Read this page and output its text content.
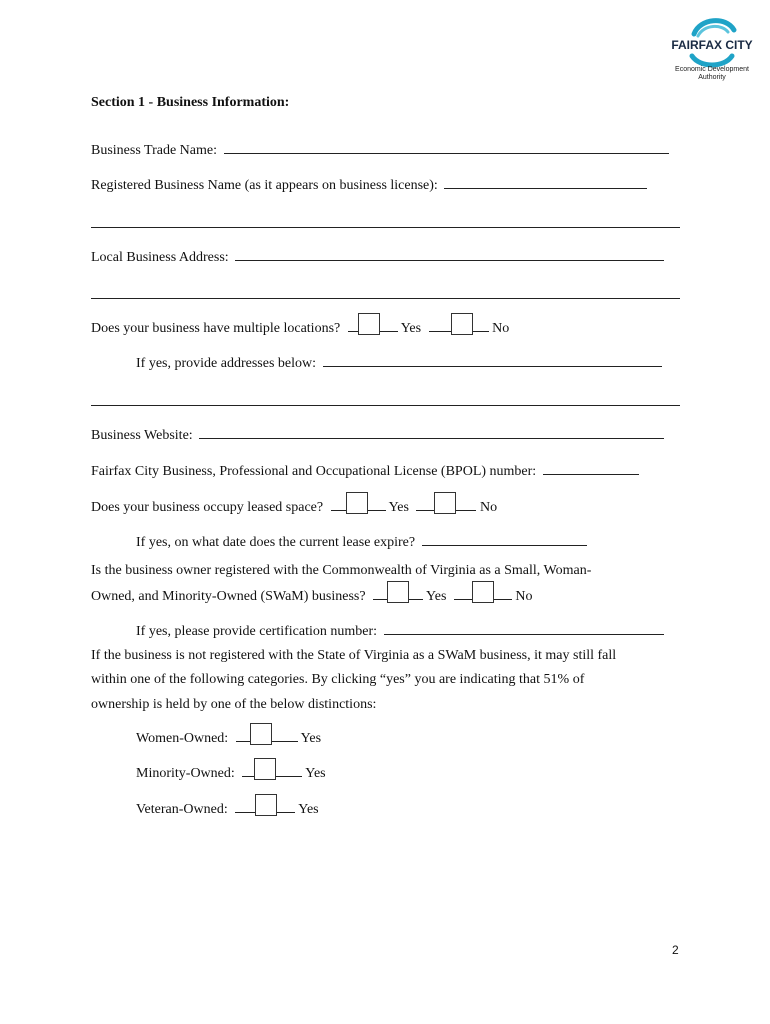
FAIRFAX CITY
Economic Development
Authority
Section 1 - Business Information:
Business Trade Name:
Registered Business Name (as it appears on business license):
Local Business Address:
Does your business have multiple locations?	Yes	No
If yes, provide addresses below:
Business Website:
Fairfax City Business, Professional and Occupational License (BPOL) number:
Does your business occupy leased space?	Yes	No
If yes, on what date does the current lease expire?
Is the business owner registered with the Commonwealth of Virginia as a Small, Woman-
Owned, and Minority-Owned (SWaM) business?	Yes	No
If yes, please provide certification number:
If the business is not registered with the State of Virginia as a SWaM business, it may still fall
within one of the following categories. By clicking “yes” you are indicating that 51% of
ownership is held by one of the below distinctions:
Women-Owned:	Yes
Minority-Owned:	Yes
Veteran-Owned:	Yes
2
